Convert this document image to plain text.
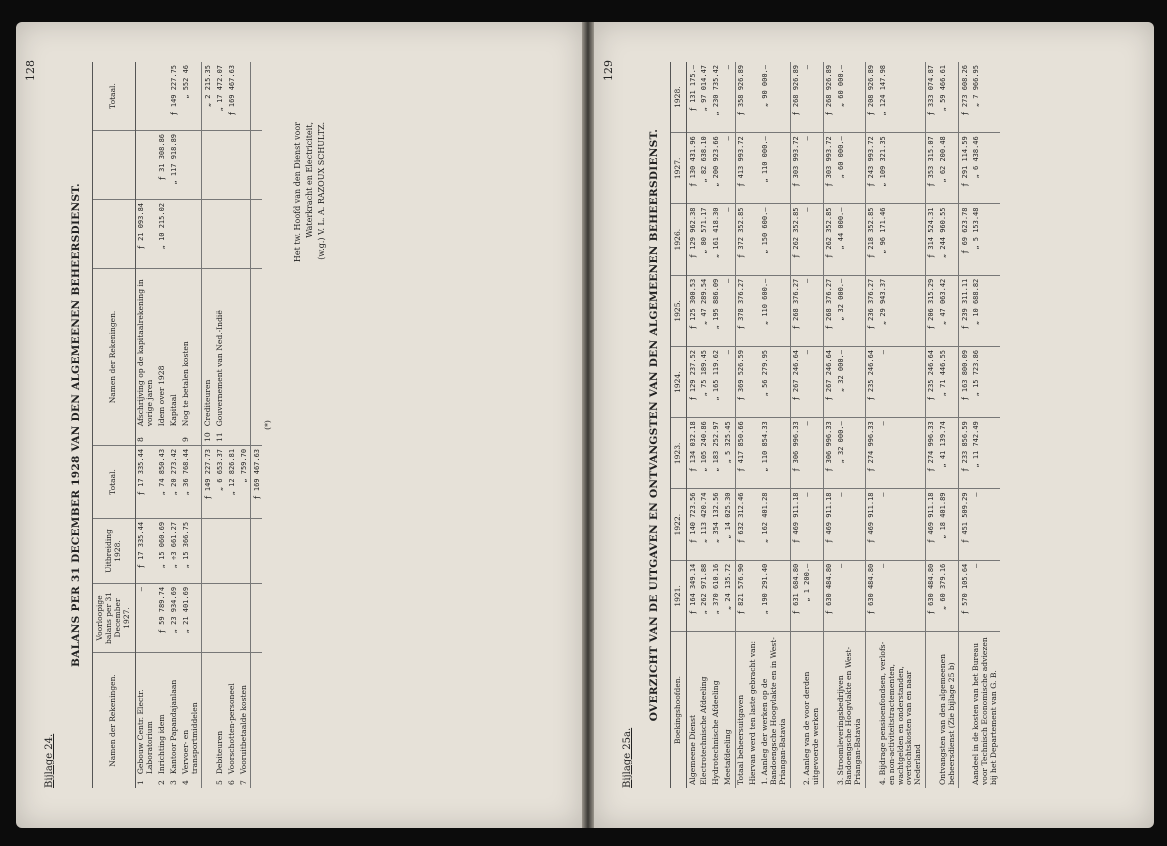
128
Bijlage 24.
BALANS PER 31 DECEMBER 1928 VAN DEN ALGEMEENEN BEHEERSDIENST.
Namen der Rekeningen.		Voorloopige balans per 31 December 1927.	Uitbreiding 1928.	Totaal.	Namen der Rekeningen.				Totaal.
1	Gebouw Centr. Electr. Laboratorium	—	ƒ 17 335.44	ƒ 17 335.44	8	Afschrijving op de kapitaalrekening in vorige jaren	ƒ 21 093.84		
2	Inrichting idem	ƒ 59 789.74	„ 15 060.69	„ 74 850.43		Idem over 1928	„ 10 215.02	ƒ 31 308.86	
3	Kantoor Papandajanlaan	„ 23 934.69	„ ÷3 661.27	„ 20 273.42		Kapitaal		„ 117 918.89	ƒ 149 227.75
4	Vervoer- en transportmiddelen	„ 21 401.69	„ 15 366.75	„ 36 768.44	9	Nog te betalen kosten			„ 552 46
				ƒ 149 227.73	10	Crediteuren			„ 2 215.35
5	Debiteuren			„ 6 653.37	11	Gouvernement van Ned.-Indië			„ 17 472.07
6	Voorschotten-personeel			„ 12 826.81					ƒ 169 467.63
7	Vooruitbetaalde kosten			„ 759.70					
				ƒ 169 467.63					
(*)									
Het tw. Hoofd van den Dienst voor Waterkracht en Electriciteit, (w.g.) V. L. A. RAZOUX SCHULTZ.
129
Bijlage 25a.
OVERZICHT VAN DE UITGAVEN EN ONTVANGSTEN VAN DEN ALGEMEENEN BEHEERSDIENST. Boekingshoofden.	1921.	1922.	1923.	1924.	1925.	1926.	1927.	1928.
Algemeene Dienst	ƒ 164 349.14	ƒ 140 723.56	ƒ 134 032.18	ƒ 129 237.52	ƒ 125 300.53	ƒ 129 962.38	ƒ 130 431.96	ƒ 131 175.—
Electrotechnische Afdeeling	„ 262 971.88	„ 113 420.74	„ 105 240.86	„ 75 189.45	„ 47 289.54	„ 80 571.17	„ 82 638.10	„ 97 014.47
Hydrotechnische Afdeeling	„ 370 610.16	„ 354 132.56	„ 183 252.97	„ 165 119.62	„ 195 886.09	„ 161 418.30	„ 200 923.66	„ 230 735.42
Meetafdeeling	„ 24 135.72	„ 14 025.30	„ 5 325.45	—	—	—	—	—
Totaal beheersuitgaven	ƒ 821 576.90	ƒ 632 312.46	ƒ 417 850.66	ƒ 369 526.59	ƒ 378 376.27	ƒ 372 352.85	ƒ 413 993.72	ƒ 358 926.89
Hiervan werd ten laste gebracht van:								
1. Aanleg der werken op de Bandoengsche Hoogvlakte en in West-Priangan-Batavia	„ 190 291.40	„ 162 401.28	„ 110 854.33	„ 56 279.95	„ 110 600.—	„ 150 600.—	„ 110 000.—	„ 90 000.—
	ƒ 631 684.80	ƒ 469 911.18	ƒ 306 996.33	ƒ 267 246.64	ƒ 268 376.27	ƒ 262 352.85	ƒ 303 993.72	ƒ 268 926.89
2. Aanleg van de voor derden uitgevoerde werken	„ 1 200.—	—	—	—	—	—	—	—
	ƒ 630 484.80	ƒ 469 911.18	ƒ 306 996.33	ƒ 267 246.64	ƒ 268 376.27	ƒ 262 352.85	ƒ 303 993.72	ƒ 268 926.89
3. Stroomleveringsbedrijven Bandoengsche Hoogvlakte en West-Priangan-Batavia	—	—	„ 32 000.—	„ 32 000.—	„ 32 000.—	„ 44 000.—	„ 60 000.—	„ 60 000.—
	ƒ 630 484.80	ƒ 469 911.18	ƒ 274 996.33	ƒ 235 246.64	ƒ 236 376.27	ƒ 218 352.85	ƒ 243 993.72	ƒ 208 926.89
4. Bijdrage pensioenfondsen, verlofs- en non-activiteitstractementen, wachtgelden en onderstanden, overtochtskosten van en naar Nederland	—	—	—	—	„ 29 943.37	„ 96 171.46	„ 109 321.35	„ 124 147.98
	ƒ 630 484.80	ƒ 469 911.18	ƒ 274 996.33	ƒ 235 246.64	ƒ 206 315.29	ƒ 314 524.31	ƒ 353 315.07	ƒ 333 074.87
Ontvangsten van den algemeenen beheersdienst (Zie bijlage 25 b)	„ 60 379.16	„ 18 401.89	„ 41 139.74	„ 71 446.55	„ 47 063.42	„ 244 960.55	„ 62 200.48	„ 59 466.61
	ƒ 570 105.64	ƒ 451 509.29	ƒ 233 856.59	ƒ 163 800.09	ƒ 239 311.11	ƒ 69 623.78	ƒ 291 114.59	ƒ 273 608.26
Aandeel in de kosten van het Bureau voor Technisch Economische adviezen bij het Departement van G. B.	—	—	„ 11 742.49	„ 15 723.86	„ 10 688.82	„ 5 153.48	„ 6 438.46	„ 7 966.95
